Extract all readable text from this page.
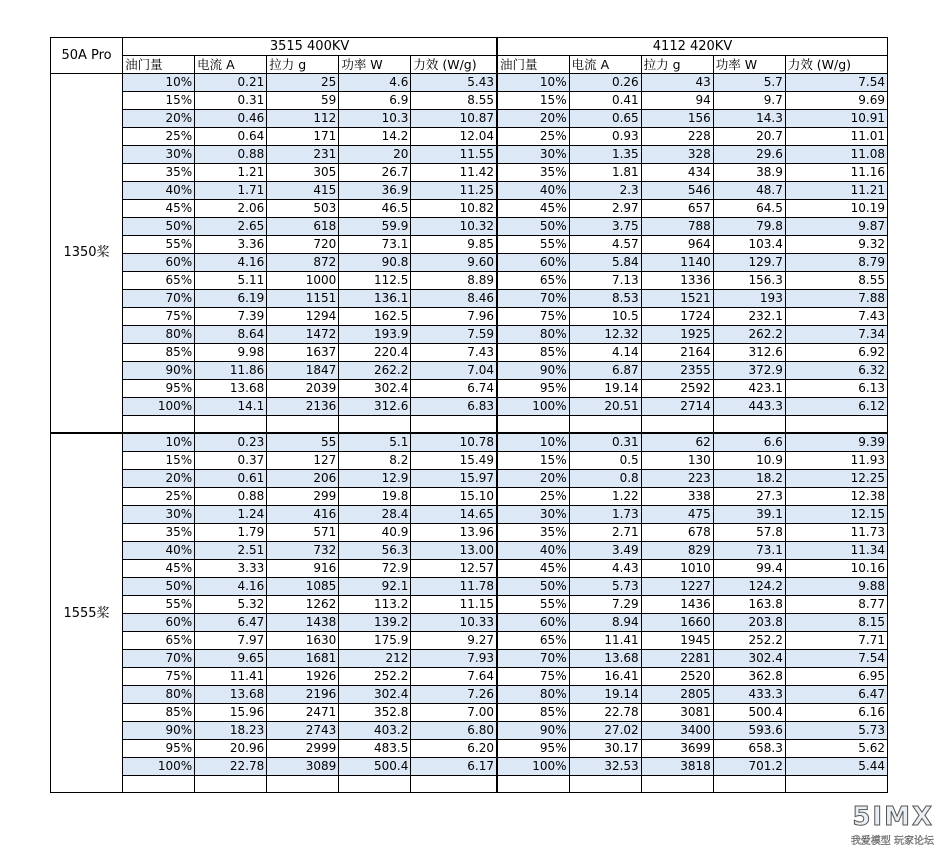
50A Pro	3515 400KV					4112 420KV				
	油门量	电流 A	拉力 g	功率 W	力效 (W/g)	油门量	电流 A	拉力 g	功率 W	力效 (W/g)
1350桨	10%	0.21	25	4.6	5.43	10%	0.26	43	5.7	7.54
	15%	0.31	59	6.9	8.55	15%	0.41	94	9.7	9.69
	20%	0.46	112	10.3	10.87	20%	0.65	156	14.3	10.91
	25%	0.64	171	14.2	12.04	25%	0.93	228	20.7	11.01
	30%	0.88	231	20	11.55	30%	1.35	328	29.6	11.08
	35%	1.21	305	26.7	11.42	35%	1.81	434	38.9	11.16
	40%	1.71	415	36.9	11.25	40%	2.3	546	48.7	11.21
	45%	2.06	503	46.5	10.82	45%	2.97	657	64.5	10.19
	50%	2.65	618	59.9	10.32	50%	3.75	788	79.8	9.87
	55%	3.36	720	73.1	9.85	55%	4.57	964	103.4	9.32
	60%	4.16	872	90.8	9.60	60%	5.84	1140	129.7	8.79
	65%	5.11	1000	112.5	8.89	65%	7.13	1336	156.3	8.55
	70%	6.19	1151	136.1	8.46	70%	8.53	1521	193	7.88
	75%	7.39	1294	162.5	7.96	75%	10.5	1724	232.1	7.43
	80%	8.64	1472	193.9	7.59	80%	12.32	1925	262.2	7.34
	85%	9.98	1637	220.4	7.43	85%	4.14	2164	312.6	6.92
	90%	11.86	1847	262.2	7.04	90%	6.87	2355	372.9	6.32
	95%	13.68	2039	302.4	6.74	95%	19.14	2592	423.1	6.13
	100%	14.1	2136	312.6	6.83	100%	20.51	2714	443.3	6.12

1555桨	10%	0.23	55	5.1	10.78	10%	0.31	62	6.6	9.39
	15%	0.37	127	8.2	15.49	15%	0.5	130	10.9	11.93
	20%	0.61	206	12.9	15.97	20%	0.8	223	18.2	12.25
	25%	0.88	299	19.8	15.10	25%	1.22	338	27.3	12.38
	30%	1.24	416	28.4	14.65	30%	1.73	475	39.1	12.15
	35%	1.79	571	40.9	13.96	35%	2.71	678	57.8	11.73
	40%	2.51	732	56.3	13.00	40%	3.49	829	73.1	11.34
	45%	3.33	916	72.9	12.57	45%	4.43	1010	99.4	10.16
	50%	4.16	1085	92.1	11.78	50%	5.73	1227	124.2	9.88
	55%	5.32	1262	113.2	11.15	55%	7.29	1436	163.8	8.77
	60%	6.47	1438	139.2	10.33	60%	8.94	1660	203.8	8.15
	65%	7.97	1630	175.9	9.27	65%	11.41	1945	252.2	7.71
	70%	9.65	1681	212	7.93	70%	13.68	2281	302.4	7.54
	75%	11.41	1926	252.2	7.64	75%	16.41	2520	362.8	6.95
	80%	13.68	2196	302.4	7.26	80%	19.14	2805	433.3	6.47
	85%	15.96	2471	352.8	7.00	85%	22.78	3081	500.4	6.16
	90%	18.23	2743	403.2	6.80	90%	27.02	3400	593.6	5.73
	95%	20.96	2999	483.5	6.20	95%	30.17	3699	658.3	5.62
	100%	22.78	3089	500.4	6.17	100%	32.53	3818	701.2	5.44

5IMX
我爱模型 玩家论坛
